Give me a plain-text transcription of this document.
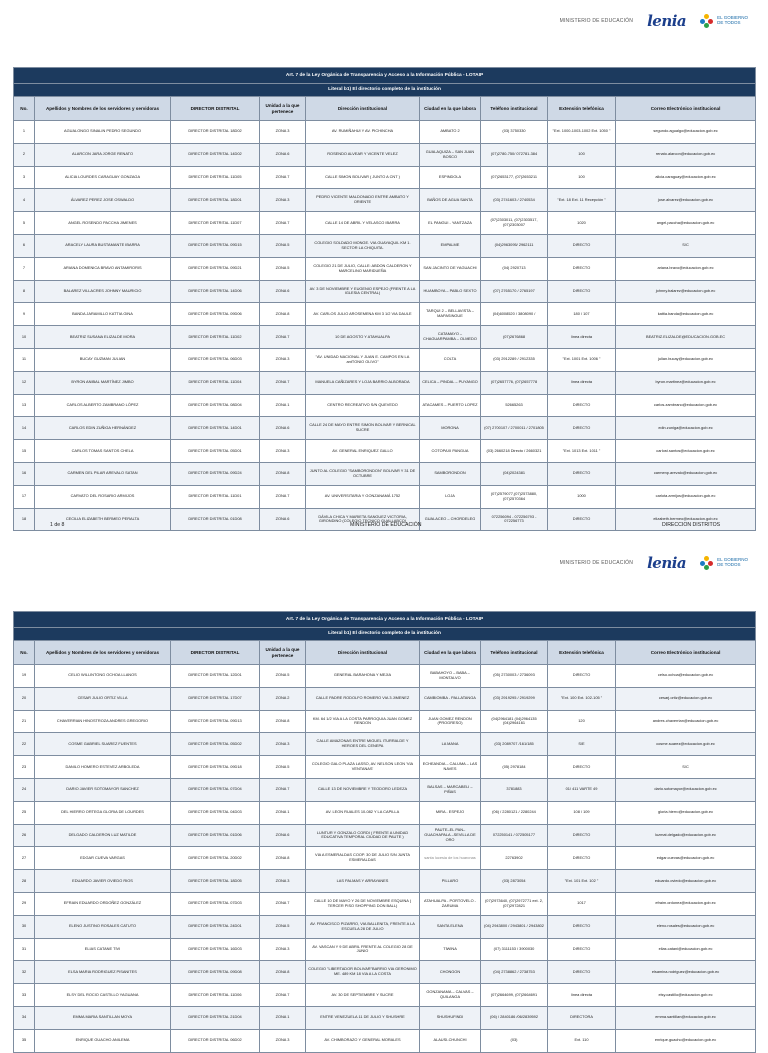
MINISTERIO DE EDUCACIÓN lenia	EL GOBIERNO
DE TODOS
Art. 7 de la Ley Orgánica de Transparencia y Acceso a la Información Pública - LOTAIP								
Literal b1) El directorio completo de la institución								
No.	Apellidos y Nombres de los servidores y servidoras	DIRECTOR DISTRITAL	Unidad a la que pertenece	Dirección institucional	Ciudad en la que labora	Teléfono institucional	Extensión telefónica	Correo Electrónico institucional
1	AGUALONGO SINALIN PEDRO SEGUNDO	DIRECTOR DISTRITAL 18D02	ZONA 3	AV. RUMIÑAHUI Y AV. PICHINCHA	AMBATO 2	(03) 3750330	"Ext. 1000-1003-1002 Ext. 1050 "	segundo.agualgo@educacion.gob.ec
2	ALARCON JARA JORGE RENATO	DIRECTOR DISTRITAL 14D02	ZONA 6	ROSENDO ALVEAR Y VICENTE VELEZ	GUALAQUIZA – SAN JUAN BOSCO	(07)2780-750/ 072781-384	100	renato.alarcon@educacion.gob.ec
3	ALICIA LOURDES CARAGUAY GONZAGA	DIRECTOR DISTRITAL 11D05	ZONA 7	CALLE SIMON BOLIVAR ( JUNTO A CNT )	ESPINDOLA	(07)2653177, (07)2653211	100	alicia.caraguay@educacion.gob.ec
4	ÁLVAREZ PEREZ JOSE OSWALDO	DIRECTOR DISTRITAL 18D01	ZONA 3	PEDRO VICENTE MALDONADO ENTRE AMBATO Y ORIENTE	BAÑOS DE AGUA SANTA	(03) 2741603 / 2740534	"Ext. 18 Ext. 11 Recepción "	jose.alvarez@educacion.gob.ec
5	ANGEL ROSENDO PACCHA JIMENES	DIRECTOR DISTRITAL 11D07	ZONA 7	CALLE 14 DE ABRIL Y VELASCO IBARRA	EL PANGUI - YANTZAZA	(07)2303011, (07)2303517, (07)2303007	1020	angel.paccha@educacion.gob.ec
6	ARACELY LAURA BUSTAMANTE IBARRA	DIRECTOR DISTRITAL 09D15	ZONA 5	COLEGIO SOLDADO MONGE. VIA GUAYAQUIL KM 1. SECTOR LA CHIQUITA.	EMPALME	(04)2963095/ 2962111	DIRECTO	S/C
7	ARIANA DOMENICA BRAVO ANTAMIRORIS	DIRECTOR DISTRITAL 09D21	ZONA 5	COLEGIO 21 DE JULIO, CALLE: ABDON CALDERON Y MARCELINO MARIDUEÑA	SAN JACINTO DE YAGUACHI	(04) 2920713	DIRECTO	ariana.bravo@educacion.gob.ec
8	BALAREZ VILLACRES JOHNNY MAURICIO	DIRECTOR DISTRITAL 14D06	ZONA 6	AV. 3 DE NOVIEMBRE Y EUGENIO ESPEJO (FRENTE A LA IGLESIA CENTRAL)	HUAMBOYA – PABLO SEXTO	(07) 2765170 / 2765197	DIRECTO	johnny.balarez@educacion.gob.ec
9	BANDA JARAMILLO KATTIA GINA	DIRECTOR DISTRITAL 09D06	ZONA 8	AV. CARLOS JULIO AROSEMENA KM 3 1/2 VIA DAULE	TARQUI 2 – BELLAVISTA – MAPASINGUE	(04)6008520 / 3808090 /	180 / 107	kattia.banda@educacion.gob.ec
10	BEATRIZ SUSANA ELIZALDE MORA	DIRECTOR DISTRITAL 11D02	ZONA 7	10 DE AGOSTO Y ATAHUALPA	CATAMAYO – CHAGUARPAMBA – OLMEDO	(07)2676868	línea directa	BEATRIZ.ELIZALDE@EDUCACION.GOB.EC
11	BUCAY GUZMAN JULIAN	DIRECTOR DISTRITAL 06D03	ZONA 3	"AV. UNIDAD NACIONAL Y JUAN E. CAMPOS EN LA antTONIO OLIVO"	COLTA	(03) 2912289 / 2912335	"Ext. 1001 Ext. 1006 "	julian.bucay@educacion.gob.ec
12	BYRON ANIBAL MARTÍNEZ JIMBO	DIRECTOR DISTRITAL 11D04	ZONA 7	MANUELA CAÑIZARES Y LOJA BARRIO ALBORADA	CELICA – PINDAL – PUYANGO	(07)2657776, (07)2657778	línea directa	byron.martinez@educacion.gob.ec
13	CARLOS ALBERTO ZAMBRANO LÓPEZ	DIRECTOR DISTRITAL 08D04	ZONA 1	CENTRO RECREATIVO S/N QUEVEDO	ATACAMES – PUERTO LOPEZ	52665263	DIRECTO	carlos.zambrano@educacion.gob.ec
14	CARLOS EDIN ZUÑIGA HERNÁNDEZ	DIRECTOR DISTRITAL 14D01	ZONA 6	CALLE 24 DE MAYO ENTRE SIMON BOLIVAR Y BERNICAL SUCRE	MORONA	(07) 2700107 / 2700011 / 2701805	DIRECTO	edin.zuniga@educacion.gob.ec
15	CARLOS TOMAS SANTOS CHELA	DIRECTOR DISTRITAL 05D01	ZONA 3	AV. GENERAL ENRIQUEZ GALLO	COTOPAXI PANGUA	(03) 2660218 Directo / 2660321	"Ext. 1013 Ext. 1011 "	carlost.santos@educacion.gob.ec
16	CARMEN DEL PILAR AREVALO SATAN	DIRECTOR DISTRITAL 09D24	ZONA 8	JUNTO AL COLEGIO "SAMBORONDON" BOLIVAR Y 31 DE OCTUBRE	SAMBORONDON	(04)2024381	DIRECTO	carmenp.arevalo@educacion.gob.ec
17	CARVATO DEL ROSARIO ARMIJOS	DIRECTOR DISTRITAL 11D01	ZONA 7	AV. UNIVERSITARIA Y GONZANAMÁ 1752	LOJA	(07)2579077,(07)2573880, (07)2570364	1000	carlota.armijos@educacion.gob.ec
18	CECILIA ELIZABETH BERMEO PERALTA	DIRECTOR DISTRITAL 01D08	ZONA 6	DÁVILA CHICA Y MARIETA SANGUEZ VICTORIA, GIRONDINO (COLEGIO TECNICO GUALLABCO)	GUALACEO – CHORDELEG	072256094 - 072256793 - 072256773	DIRECTO	elizabeth.bermeo@educacion.gob.ec
1 de 8	MINISTERIO DE EDUCACIÓN	DIRECCION DISTRITOS
MINISTERIO DE EDUCACIÓN lenia	EL GOBIERNO
DE TODOS
Art. 7 de la Ley Orgánica de Transparencia y Acceso a la Información Pública - LOTAIP								
Literal b1) El directorio completo de la institución								
No.	Apellidos y Nombres de los servidores y servidoras	DIRECTOR DISTRITAL	Unidad a la que pertenece	Dirección institucional	Ciudad en la que labora	Teléfono institucional	Extensión telefónica	Correo Electrónico institucional
19	CELIO WILLINTONG OCHOA LLANOS	DIRECTOR DISTRITAL 12D01	ZONA 5	GENERAL BARAHONA Y MEJIA	BABAHOYO – BABA – MONTALVO	(05) 2730003 / 2736093	DIRECTO	celso.ochoa@educacion.gob.ec
20	CESAR JULIO ORTIZ VILLA	DIRECTOR DISTRITAL 17D07	ZONA 2	CALLE PADRE RODOLFO ROMERO VIA 3 JIMENEZ	CAMBIOMBA - PALLATANGA	(03) 2919295 / 2919299	"Ext. 100 Ext. 102-105 "	cesarj.ortiz@educacion.gob.ec
21	CHAVERRIAN HINOSTROZA ANDRES GREGORIO	DIRECTOR DISTRITAL 09D13	ZONA 8	KM. 64 1/2 VIA A LA COSTA PARROQUIA JUAN GOMEZ RENDON	JUAN GOMEZ RENDON (PROGRESO)	(04)2964181 (04)2964135 (04)2964161	120	andres.chaverrian@educacion.gob.ec
22	COSME GABRIEL SUAREZ FUENTES	DIRECTOR DISTRITAL 05D02	ZONA 3	CALLE AMAZONAS ENTRE MIGUEL ITURRALDE Y HEROES DEL CENEPA	LA MANA	(03) 2089707 /161/185	S/E	cosme.suarez@educacion.gob.ec
23	DANILO HOMERO ESTEVEZ ARBOLEDA	DIRECTOR DISTRITAL 09D18	ZONA 5	COLEGIO GALO PLAZA LASSO, AV. NELSON LEON 'VIA VENTANAS'	ECHEANDIA – CALUMA – LAS NAVES	(05) 2978184	DIRECTO	S/C
24	DARIO JAVIER SOTOMAYOR SANCHEZ	DIRECTOR DISTRITAL 07D04	ZONA 7	CALLE 13 DE NOVIEMBRE Y TEODORO LEDEZA	BALSAS – MARCABELI – PIÑAS	3781883	01/ 411 VARTE 49	dario.sotomayor@educacion.gob.ec
25	DEL HIERRO ORTEGA GLORIA DE LOURDES	DIRECTOR DISTRITAL 04D03	ZONA 1	AV. LEON RUALES 10-082 Y LA CAPILLA	MIRA - ESPEJO	(06) / 2280121 / 2280244	108 / 109	gloria.hierro@educacion.gob.ec
26	DELGADO CALDERON LUZ MATILDE	DIRECTOR DISTRITAL 01D06	ZONA 6	LUNTUR Y GONZALO CORDI ( FRENTE A UNIDAD EDUCATIVA TEMPORAL CIUDAD DE PAUTE )	PAUTE–EL PAN–GUACHAPALA –SEVILLA DE ORO	072250141 / 072505177	DIRECTO	luzmat.delgado@educacion.gob.ec
27	EDGAR CUEVA VARGAS	DIRECTOR DISTRITAL 20D02	ZONA 8	VIA A ESMERALDAS COOP. 30 DE JULIO S/N JUNTA ESMERALDAS	santa lucesia de los huaronas	22763902	DIRECTO	edgar.cuevas@educacion.gob.ec
28	EDUARDO JAVIER OVIEDO RIOS	DIRECTOR DISTRITAL 18D05	ZONA 3	LAS PALMAS Y ARRAYANES	PILLARO	(03) 2873054	"Ext. 101 Ext. 102 "	eduardo.oviedo@educacion.gob.ec
29	EFRAIN EDUARDO ORDOÑEZ GONZÁLEZ	DIRECTOR DISTRITAL 07D03	ZONA 7	CALLE 10 DE MAYO Y 26 DE NOVIEMBRE ESQUINA ( TERCER PISO SHOPPING DON BALL)	ATAHUALPA - PORTOVELO - ZARUMA	(07)2973640, (07)2972771 ext. 2, (07)2972821	1017	efraim.ordonez@educacion.gob.ec
30	ELENO JUSTINO ROSALES CATUTO	DIRECTOR DISTRITAL 24D01	ZONA 5	AV. FRANCISCO PIZARRO, VIA BALLENITA, FRENTE A LA ESCUELA 28 DE JULIO	SANTA ELENA	(04) 2943800 / 2943801 / 2943802	DIRECTO	eleno.rosales@educacion.gob.ec
31	ELIAS CATANE TIVI	DIRECTOR DISTRITAL 16D03	ZONA 3	AV. VASCAN Y 9 DE ABRIL FRENTE AL COLEGIO 28 DE JUNIO	TIWINA	(07) 3111153 / 3900030	DIRECTO	elias.catani@educacion.gob.ec
32	ELSA MARIA RODRIGUEZ PISANITES	DIRECTOR DISTRITAL 09D08	ZONA 8	COLEGIO "LIBERTADOR BOLIVAR"BARRIO VIA GERONIMO ME. 489 KM 18 VIA A LA COSTA	CHONGON	(04) 2738862 / 2738753	DIRECTO	elsamina.rodriguez@educacion.gob.ec
33	ELSY DEL ROCIO CASTILLO YAGUANA	DIRECTOR DISTRITAL 11D06	ZONA 7	AV. 30 DE SEPTIEMBRE Y SUCRE	GONZANAMA – CALVAS – QUILANGA	(07)2664699, (07)2664691	línea directa	elsy.castillo@educacion.gob.ec
34	EMMA MARIA SANTILLAN MOYA	DIRECTOR DISTRITAL 21D04	ZONA 1	ENTRE VENEZUELA 11 DE JULIO Y SHUSHRE	SHUSHUFINDI	(06) / 2840186 /06/2839592	DIRECTORA	emma.santillan@educacion.gob.ec
35	ENRIQUE GUACHO ANILEMA	DIRECTOR DISTRITAL 06D02	ZONA 3	AV. CHIMBORAZO Y GENERAL MORALES	ALAUSI-CHUNCHI	(03)	Ext. 110	enrique.guacho@educacion.gob.ec
